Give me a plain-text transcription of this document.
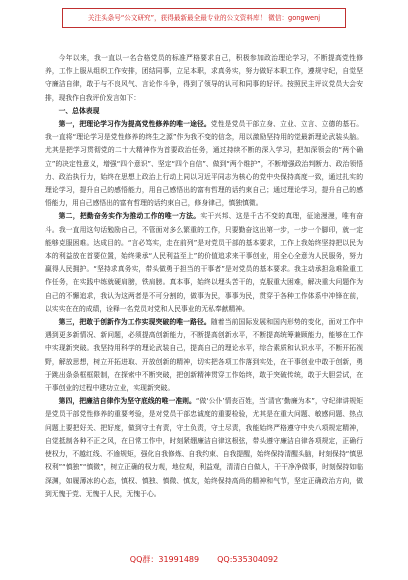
关注头条号“公文研究”，获得最新最全最专业的公文资料库！ 微信：gongwenj

今年以来，我一直以一名合格党员的标准严格要求自己，积极参加政治理论学习，不断提高党性修养，工作上服从组织工作安排，团结同事，立足本职，求真务实，努力做好本职工作，遵规守纪，自觉坚守廉洁自律，敢于与不良风气、言论作斗争，得到了领导的认可和同事的好评。按照民主评议党员大会安排，现我作自我评价发言如下：

一、总体表现

第一，把理论学习作为提高党性修养的唯一途径。党性是党员干部立身、立业、立言、立德的基石。我一直将“理论学习是党性修养的终生之源”作为我不变的信念，用以激励坚持用的觉最新理论武装头脑。尤其是把学习贯彻党的二十大精神作为首要政治任务，通过持续不断的深入学习，把加深领会的“两个确立”的决定性意义，增强“四个意识”、坚定“四个自信”、做到“两个维护”，不断增强政治判断力、政治领悟力、政治执行力，始终在思想上政治上行动上同以习近平同志为核心的党中央保持高度一致，通过扎实的理论学习，提升自己的感悟能力，用自己感悟出的富有哲理的话约束自己；通过理论学习，提升自己的感悟能力，用自己感悟出的富有哲理的话约束自己，修身律己，慎独慎微。

第二，把勤奋务实作为推动工作的唯一方法。实干兴邦、这是千古不变的真理，征途漫漫，唯有奋斗。我一直用这句话勉励自己，不管面对多么繁重的工作，只要勤奋这出第一步，一步一个脚印，就一定能够克服困难。达成目的。“言必笃实，走在前列”是对党员干部的基本要求，工作上我始终坚持把以民为本的利益放在首要位置，始终秉承“人民利益至上”的价值追求来干事创业，用全心全意为人民服务，努力赢得人民拥护。“坚持求真务实，带头做勇于担当的干事者”是对党员的基本要求。我主动承担急难险重工作任务，在实践中练就硬肩膀，铁肩膀。真本事，始终以埋头苦干的，克服重大困难，解决重大问题作为自己的不懈追求，我认为这两者是不可分割的，做事为民，事事为民，贯穿于各种工作体系中冲锋在前，以实实在在的成绩，诠释一名党员对党和人民事业的无私奉献精神。

第三，把敢于创新作为工作实现突破的唯一路径。随着当前国际发展和国内形势的变化，面对工作中遇到更多新情况、新问题，必须提高创新能力，不断提高创新水平，不断提高统筹兼顾能力，能够在工作中实现新突破。我坚持用科学的理论武装自己，提高自己的理论水平，综合素质和认识水平，不断开拓视野，解放思想，树立开拓进取、开放创新的精神，切实把各项工作落到实处，在干事创业中敢于创新，勇于跳出条条框框限制，在探索中不断突破，把创新精神贯穿工作始终，敢于突破传统，敢于大胆尝试，在干事创业的过程中建功立业，实现新突破。

第四，把廉洁自律作为坚守底线的唯一准则。“做‘公仆’情丧百姓，当‘清官’勤廉为本”，守纪律讲规矩是党员干部党性修养的重要考验，是对党员干部忠诚度的重要检验，尤其是在重大问题、敏感问题、热点问题上要把好关、把好度，做到守土有责，守土负责，守土尽责，我能始终严格遵守中央八项规定精神，自觉抵制各种不正之风，在日常工作中，时刻紧绷廉洁自律这根弦，带头遵守廉洁自律各项规定，正确行使权力，不越红线、不逾规矩，强化自我修炼、自我约束、自我提醒，始终保持清醒头脑，时刻保持“慎思权利”“慎独”“慎微”，树立正确的权力观，地位观，利益观，清清白白做人，干干净净做事，时刻保持如临深渊，如履薄冰的心态，慎权、慎独、慎微、慎友，始终保持高尚的精神和气节，坚定正确政治方向，做到无愧于党、无愧于人民，无愧于心。

QQ群：31991489 QQ:535304092
